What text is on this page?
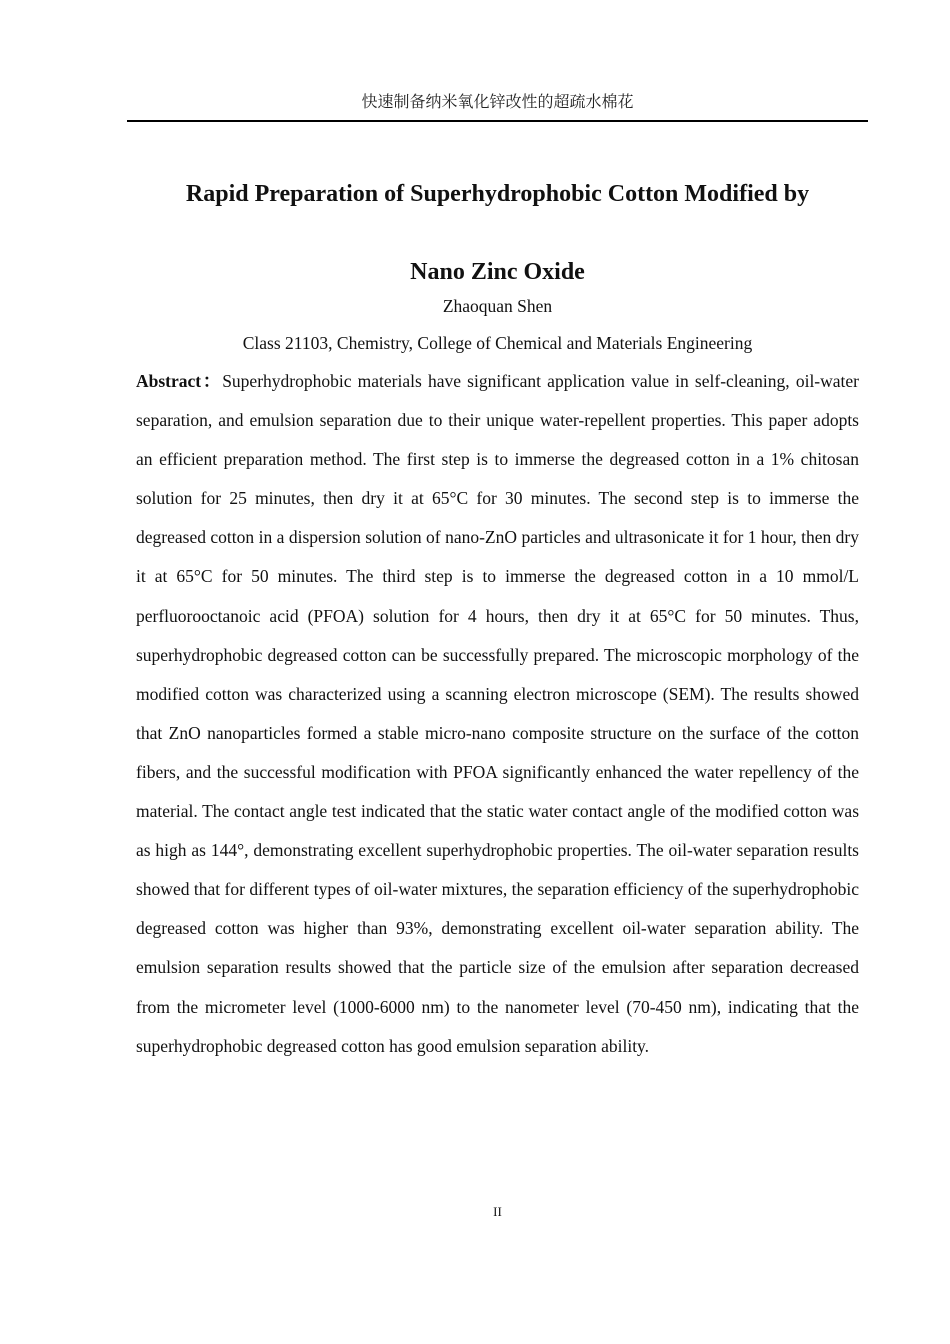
快速制备纳米氧化锌改性的超疏水棉花
Rapid Preparation of Superhydrophobic Cotton Modified by
Nano Zinc Oxide

Zhaoquan Shen

Class 21103, Chemistry, College of Chemical and Materials Engineering

Abstract：Superhydrophobic materials have significant application value in self-cleaning, oil-water separation, and emulsion separation due to their unique water-repellent properties. This paper adopts an efficient preparation method. The first step is to immerse the degreased cotton in a 1% chitosan solution for 25 minutes, then dry it at 65°C for 30 minutes. The second step is to immerse the degreased cotton in a dispersion solution of nano-ZnO particles and ultrasonicate it for 1 hour, then dry it at 65°C for 50 minutes. The third step is to immerse the degreased cotton in a 10 mmol/L perfluorooctanoic acid (PFOA) solution for 4 hours, then dry it at 65°C for 50 minutes. Thus, superhydrophobic degreased cotton can be successfully prepared. The microscopic morphology of the modified cotton was characterized using a scanning electron microscope (SEM). The results showed that ZnO nanoparticles formed a stable micro-nano composite structure on the surface of the cotton fibers, and the successful modification with PFOA significantly enhanced the water repellency of the material. The contact angle test indicated that the static water contact angle of the modified cotton was as high as 144°, demonstrating excellent superhydrophobic properties. The oil-water separation results showed that for different types of oil-water mixtures, the separation efficiency of the superhydrophobic degreased cotton was higher than 93%, demonstrating excellent oil-water separation ability. The emulsion separation results showed that the particle size of the emulsion after separation decreased from the micrometer level (1000-6000 nm) to the nanometer level (70-450 nm), indicating that the superhydrophobic degreased cotton has good emulsion separation ability.

II
